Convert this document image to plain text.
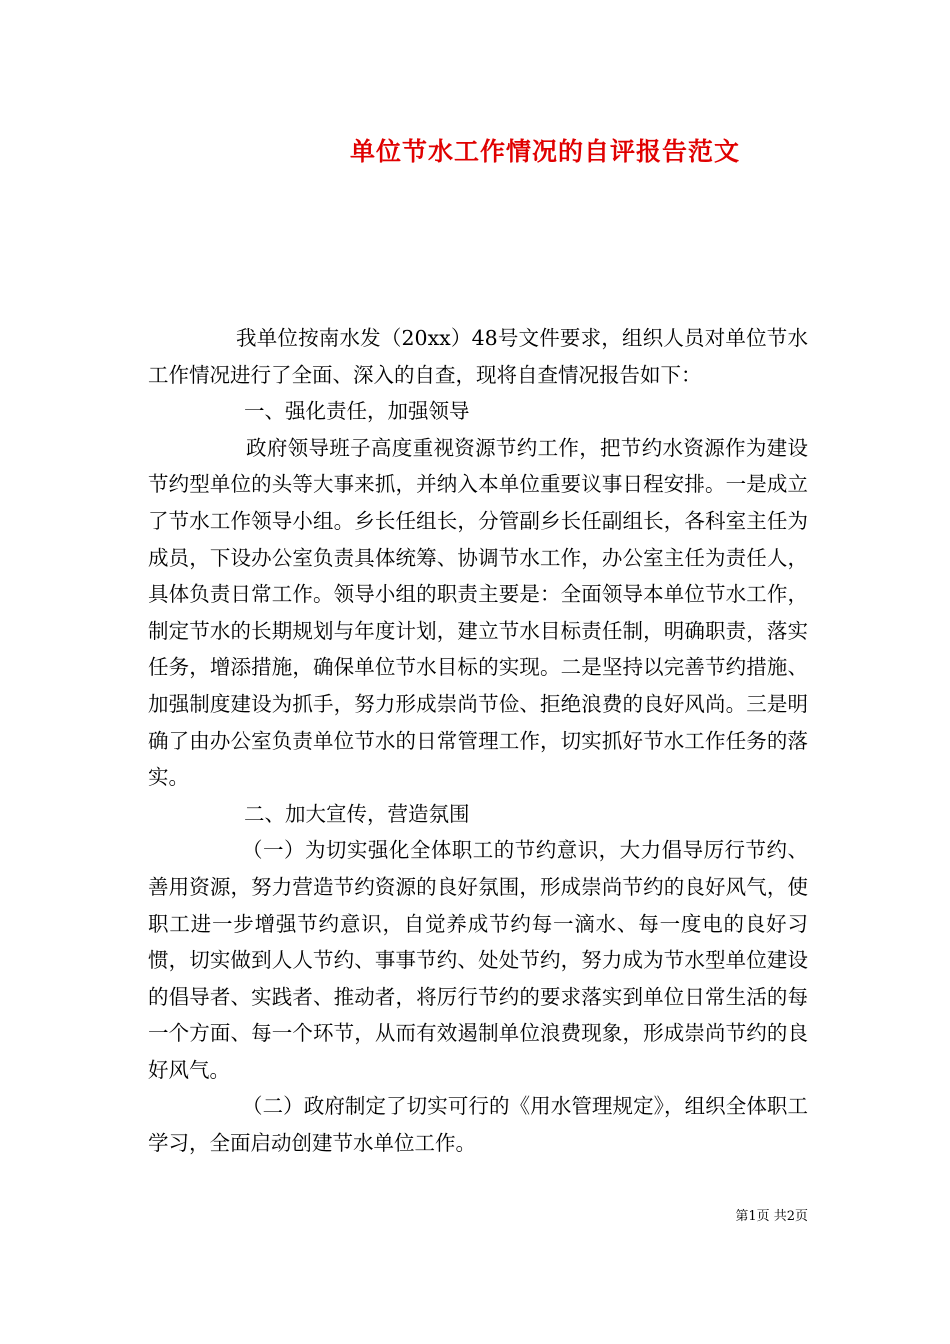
单位节水工作情况的自评报告范文

我单位按南水发（20xx）48号文件要求，组织人员对单位节水工作情况进行了全面、深入的自查，现将自查情况报告如下：

一、强化责任，加强领导

政府领导班子高度重视资源节约工作，把节约水资源作为建设节约型单位的头等大事来抓，并纳入本单位重要议事日程安排。一是成立了节水工作领导小组。乡长任组长，分管副乡长任副组长，各科室主任为成员，下设办公室负责具体统筹、协调节水工作，办公室主任为责任人，具体负责日常工作。领导小组的职责主要是：全面领导本单位节水工作，制定节水的长期规划与年度计划，建立节水目标责任制，明确职责，落实任务，增添措施，确保单位节水目标的实现。二是坚持以完善节约措施、加强制度建设为抓手，努力形成崇尚节俭、拒绝浪费的良好风尚。三是明确了由办公室负责单位节水的日常管理工作，切实抓好节水工作任务的落实。

二、加大宣传，营造氛围

（一）为切实强化全体职工的节约意识，大力倡导厉行节约、善用资源，努力营造节约资源的良好氛围，形成崇尚节约的良好风气，使职工进一步增强节约意识，自觉养成节约每一滴水、每一度电的良好习惯，切实做到人人节约、事事节约、处处节约，努力成为节水型单位建设的倡导者、实践者、推动者，将厉行节约的要求落实到单位日常生活的每一个方面、每一个环节，从而有效遏制单位浪费现象，形成崇尚节约的良好风气。

（二）政府制定了切实可行的《用水管理规定》，组织全体职工学习，全面启动创建节水单位工作。

第1页 共2页
